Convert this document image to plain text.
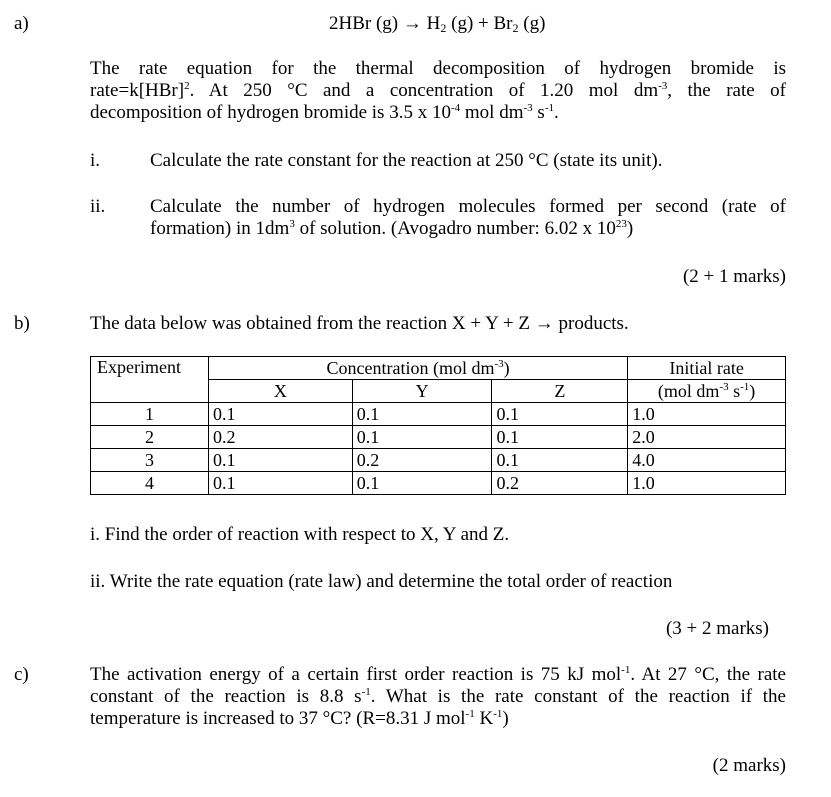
a)	2HBr $(g) \to H_2$ $(g) + Br_2$ (g)
The rate equation for the thermal decomposition of hydrogen bromide is
rate=k[HBr]$^2$. At 250 °C and a concentration of 1.20 mol $dm^{-3}$, the rate of
decomposition of hydrogen bromide is 3.5 x $10^{-4}$ mol $dm^{-3}$ $s^{-1}$.
i.	Calculate the rate constant for the reaction at 250 °C (state its unit).
ii. Calculate the number of hydrogen molecules formed per second (rate of
formation) in $1dm^3$ of solution. (Avogadro number: 6.02 x $10^{23}$)
(2 + 1 marks)
b)	The data below was obtained from the reaction X + Y + Z → products.
Experiment	Concentration (mol $dm^{-3}$)			Initial rate
	X	Y	Z	(mol $dm^{-3}$ $s^{-1}$)
1	0.1	0.1	0.1	1.0
2	0.2	0.1	0.1	2.0
3	0.1	0.2	0.1	4.0
4	0.1	0.1	0.2	1.0
i. Find the order of reaction with respect to X, Y and Z.
ii. Write the rate equation (rate law) and determine the total order of reaction
(3 + 2 marks)
c)	The activation energy of a certain first order reaction is 75 kJ mol$^{-1}$. At 27 °C, the rate
constant of the reaction is 8.8 $s^{-1}$. What is the rate constant of the reaction if the
temperature is increased to 37 °C? (R=8.31 J mol$^{-1}$ $K^{-1}$)
(2 marks)
